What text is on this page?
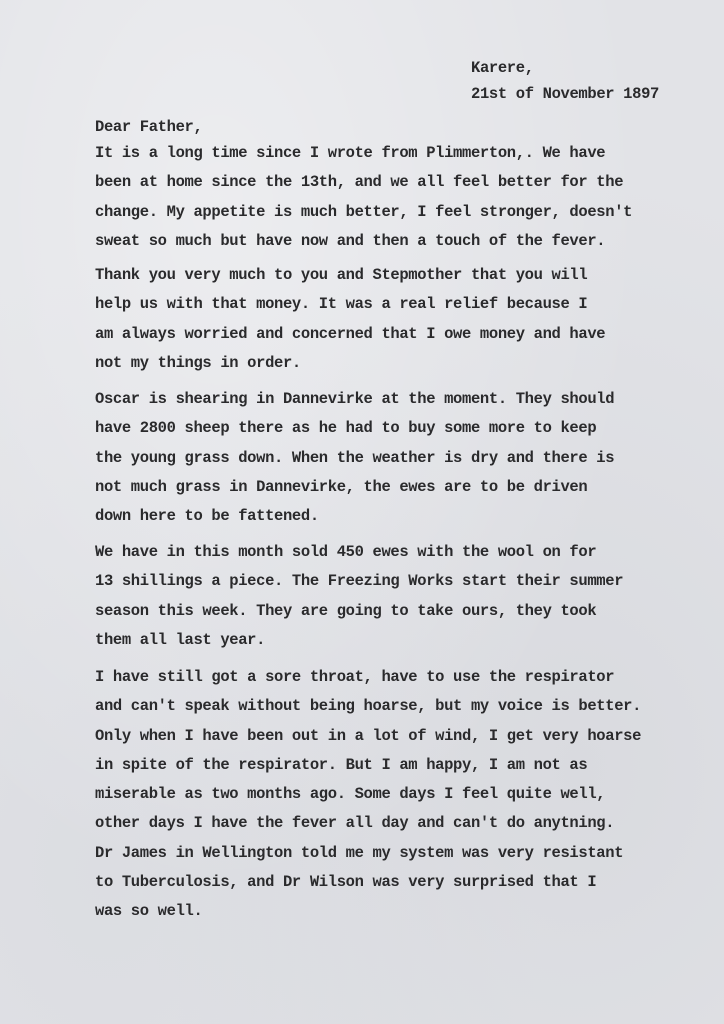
Karere,
21st of November 1897
Dear Father,
It is a long time since I wrote from Plimmerton,. We have
been at home since the 13th, and we all feel better for the
change. My appetite is much better, I feel stronger, doesn't
sweat so much but have now and then a touch of the fever.
Thank you very much to you and Stepmother that you will
help us with that money. It was a real relief because I
am always worried and concerned that I owe money and have
not my things in order.
Oscar is shearing in Dannevirke at the moment. They should
have 2800 sheep there as he had to buy some more to keep
the young grass down. When the weather is dry and there is
not much grass in Dannevirke, the ewes are to be driven
down here to be fattened.
We have in this month sold 450 ewes with the wool on for
13 shillings a piece. The Freezing Works start their summer
season this week. They are going to take ours, they took
them all last year.
I have still got a sore throat, have to use the respirator
and can't speak without being hoarse, but my voice is better.
Only when I have been out in a lot of wind, I get very hoarse
in spite of the respirator. But I am happy, I am not as
miserable as two months ago. Some days I feel quite well,
other days I have the fever all day and can't do anytning.
Dr James in Wellington told me my system was very resistant
to Tuberculosis, and Dr Wilson was very surprised that I
was so well.
